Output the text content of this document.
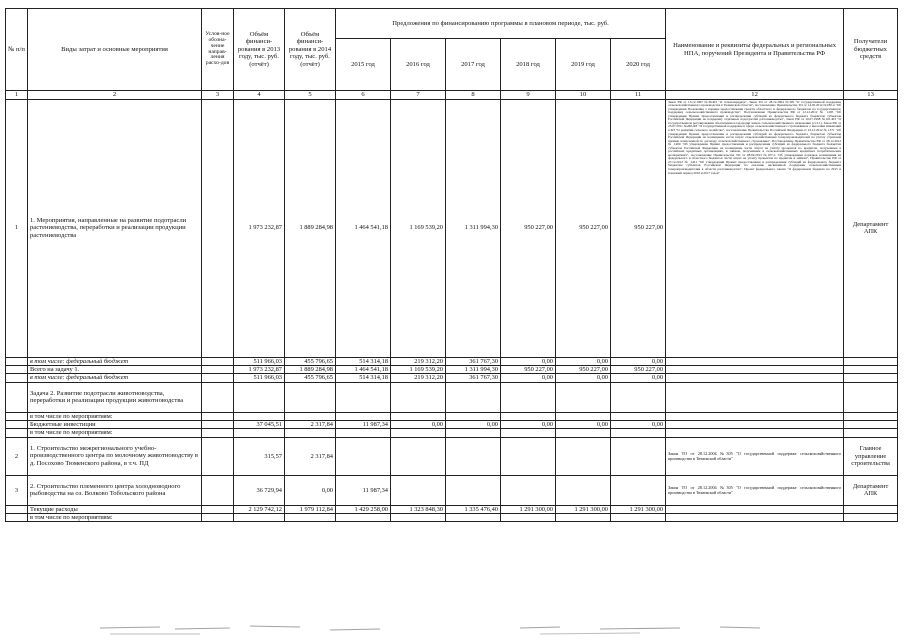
№ п/п	Виды затрат и основные мероприятия	Услов-ное обозна-чение направ-ления расхо-дов	Объём финанси-рования в 2013 году, тыс. руб. (отчёт)	Объём финанси-рования в 2014 году, тыс. руб. (отчёт)	Предложения по финансированию программы в плановом периоде, тыс. руб.						Наименование и реквизиты федеральных и региональных НПА, поручений Президента и Правительства РФ	Получатели бюджетных средств
					2015 год	2016 год	2017 год	2018 год	2019 год	2020 год		
1	2	3	4	5	6	7	8	9	10	11	12	13
1	1. Мероприятия, направленные на развитие подотрасли растениеводства, переработки и реализации продукции растениеводства		1 973 232,87	1 889 284,98	1 464 541,18	1 169 539,20	1 311 994,30	950 227,00	950 227,00	950 227,00	Закон РФ от 13.12.1997 №36-ФЗ "О сельхозкредите", Закон ТО от 28.12.2004 №305 "О государственной поддержке сельскохозяйственного производства в Тюменской области", постановление Правительства ТО от 14.05.2012 №180-п "Об утверждении Положения о порядке предоставления средств областного и федерального бюджетов на государственную поддержку сельскохозяйственного производства", Постановление Правительства РФ от 12.12.2012 № 1295 "Об утверждении Правил предоставления и распределения субсидий из федерального бюджета бюджетам субъектов Российской Федерации на поддержку отдельных подотраслей растениеводства", закон РФ от 16.07.1998 №101-ФЗ "О государственном регулировании обеспечения плодородия земель сельскохозяйственного назначения (ст.3.1), Закон РФ от 25.07.2011 №260-ФЗ "О государственной поддержке в сфере сельскохозяйственного страхования и о внесении изменений в ФЗ "О развитии сельского хозяйства", постановление Правительства Российской Федерации от 23.12.2012 № 1371 "Об утверждении Правил предоставления и распределения субсидий из федерального бюджета бюджетам субъектов Российской Федерации на возмещение части затрат сельскохозяйственных товаропроизводителей на уплату страховой премии, начисленной по договору сельскохозяйственного страхования", Постановление Правительства РФ от 28.12.2012 № 1460 "Об утверждении Правил предоставления и распределения субсидий из федерального бюджета бюджетам субъектов Российской Федерации на возмещение части затрат на уплату процентов по кредитам, полученным в российских кредитных организациях, и займам, полученным в сельскохозяйственных кредитных потребительских кооперативах", постановление Правительства ТО от 08.04.2013 №107-п "Об утверждении порядков возмещения из федерального и областного бюджетов части затрат на уплату процентов по кредитам и займам", Правительства РФ от 27.12.2012 № 1431 "Об утверждении Правил предоставления и распределения субсидий из федерального бюджета бюджетам субъектов Российской Федерации на оказание несвязанной поддержки сельскохозяйственным товаропроизводителям в области растениеводства", Проект федерального закона "О федеральном бюджете на 2015 и плановый период 2016 и 2017 годов"	Департамент АПК
	в том числе: федеральный бюджет		511 966,03	455 796,65	514 314,18	219 312,20	361 767,30	0,00	0,00	0,00		
	Всего на задачу 1.		1 973 232,87	1 889 284,98	1 464 541,18	1 169 539,20	1 311 994,30	950 227,00	950 227,00	950 227,00		
	в том числе: федеральный бюджет		511 966,03	455 796,65	514 314,18	219 312,20	361 767,30	0,00	0,00	0,00		
	Задача 2. Развитие подотрасли животноводства, переработки и реализации продукции животноводства											
	в том числе по мероприятиям:											
	Бюджетные инвестиции		37 045,51	2 317,84	11 987,34	0,00	0,00	0,00	0,00	0,00		
	в том числе по мероприятиям:											
2	1. Строительство межрегионального учебно-производственного центра по молочному животноводству в д. Посохово Тюменского района, в т.ч. ПД		315,57	2 317,84							Закон ТО от 28.12.2004 №305 "О государственной поддержке сельскохозяйственного производства в Тюменской области"	Главное управление строительства
3	2. Строительство племенного центра холодноводного рыбоводства на оз. Волково Тобольского района		36 729,94	0,00	11 987,34						Закон ТО от 28.12.2004 №305 "О государственной поддержке сельскохозяйственного производства в Тюменской области"	Департамент АПК
	Текущие расходы		2 129 742,12	1 979 112,84	1 429 258,00	1 323 848,30	1 335 476,40	1 291 300,00	1 291 300,00	1 291 300,00		
	в том числе по мероприятиям:											
